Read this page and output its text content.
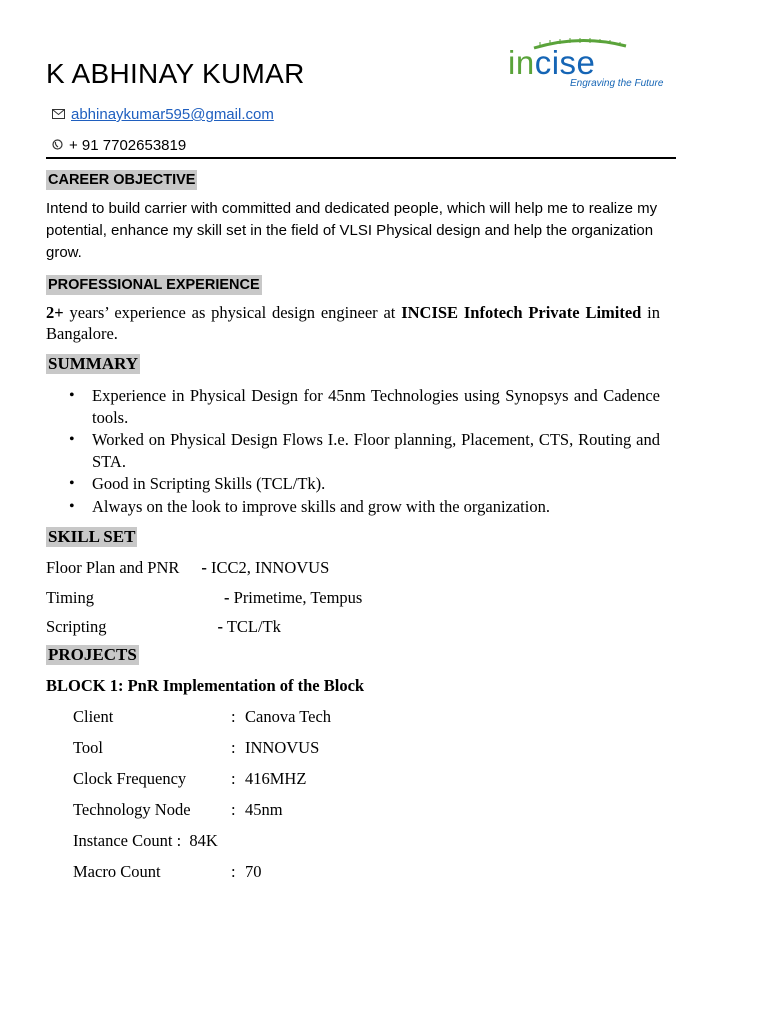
K ABHINAY KUMAR	incise
Engraving the Future
abhinaykumar595@gmail.com
+ 91 7702653819
CAREER OBJECTIVE
Intend to build carrier with committed and dedicated people, which will help me to realize my potential, enhance my skill set in the field of VLSI Physical design and help the organization grow.
PROFESSIONAL EXPERIENCE
2+ years’ experience as physical design engineer at INCISE Infotech Private Limited in Bangalore.
SUMMARY
• Experience in Physical Design for 45nm Technologies using Synopsys and Cadence tools.
• Worked on Physical Design Flows I.e. Floor planning, Placement, CTS, Routing and STA.
• Good in Scripting Skills (TCL/Tk).
• Always on the look to improve skills and grow with the organization.
SKILL SET
Floor Plan and PNR - ICC2, INNOVUS
Timing	- Primetime, Tempus
Scripting	- TCL/Tk
PROJECTS
BLOCK 1: PnR Implementation of the Block
Client	: Canova Tech
Tool	: INNOVUS
Clock Frequency	: 416MHZ
Technology Node : 45nm
Instance Count : 84K
Macro Count	: 70
